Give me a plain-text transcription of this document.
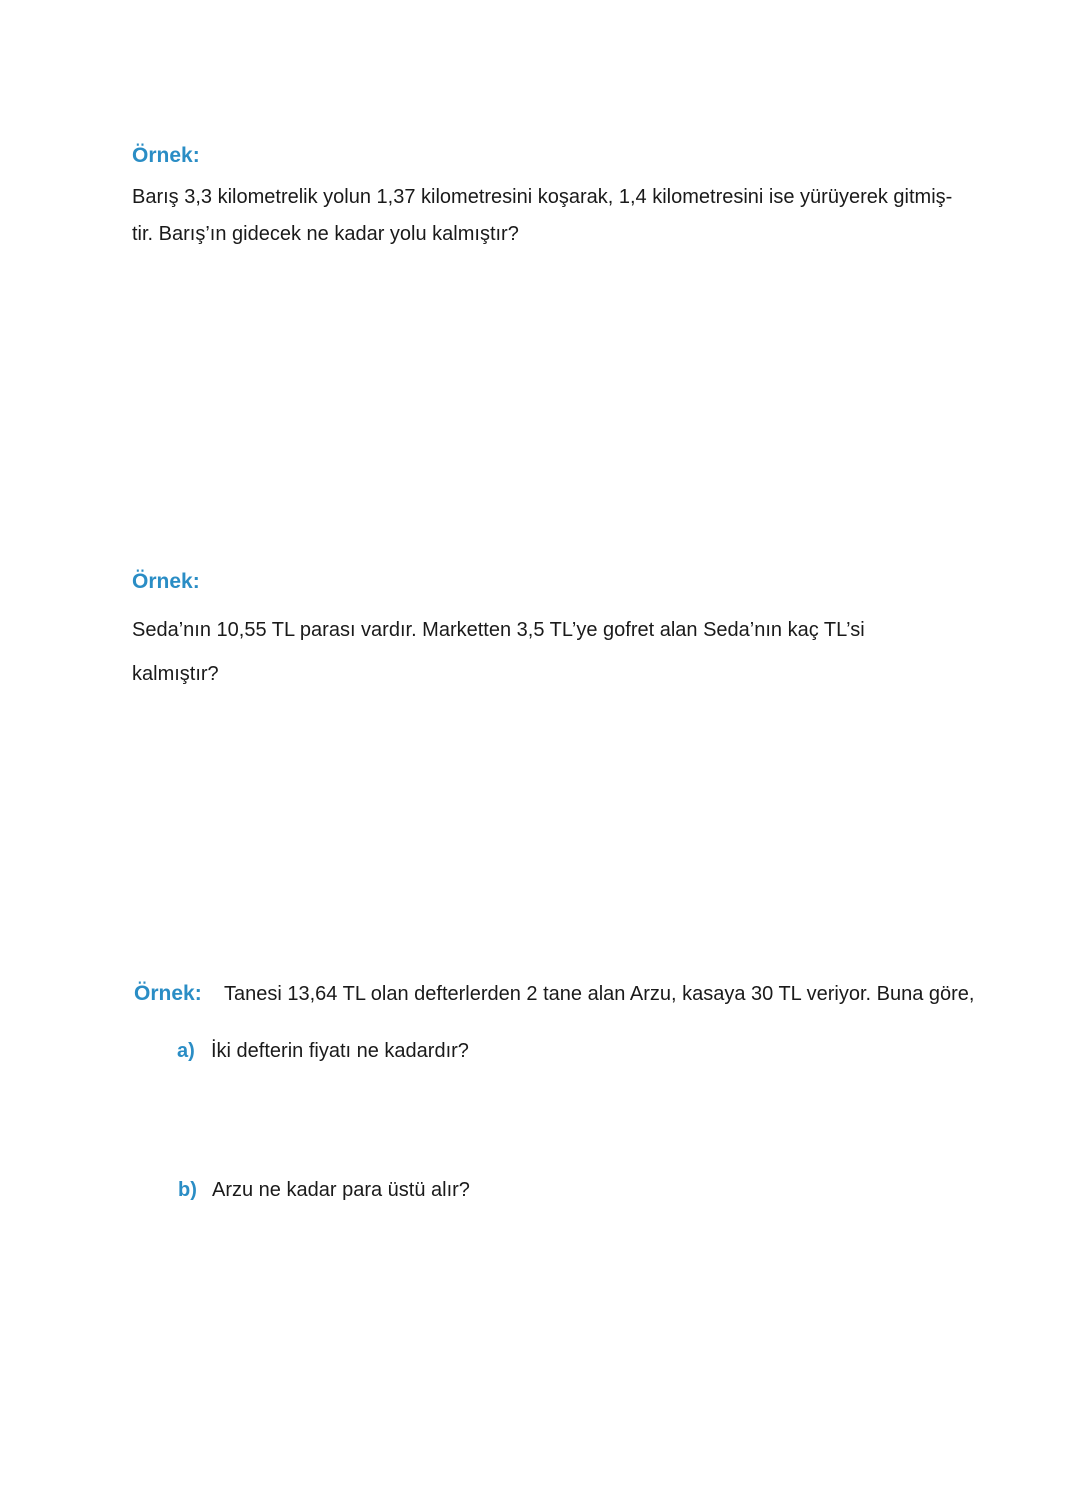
Örnek:
Barış 3,3 kilometrelik yolun 1,37 kilometresini koşarak, 1,4 kilometresini ise yürüyerek gitmiş-
tir. Barış’ın gidecek ne kadar yolu kalmıştır?
Örnek:
Seda’nın 10,55 TL parası vardır. Marketten 3,5 TL’ye gofret alan Seda’nın kaç TL’si
kalmıştır?
Örnek:	Tanesi 13,64 TL olan defterlerden 2 tane alan Arzu, kasaya 30 TL veriyor. Buna göre,
a) İki defterin fiyatı ne kadardır?
b) Arzu ne kadar para üstü alır?
